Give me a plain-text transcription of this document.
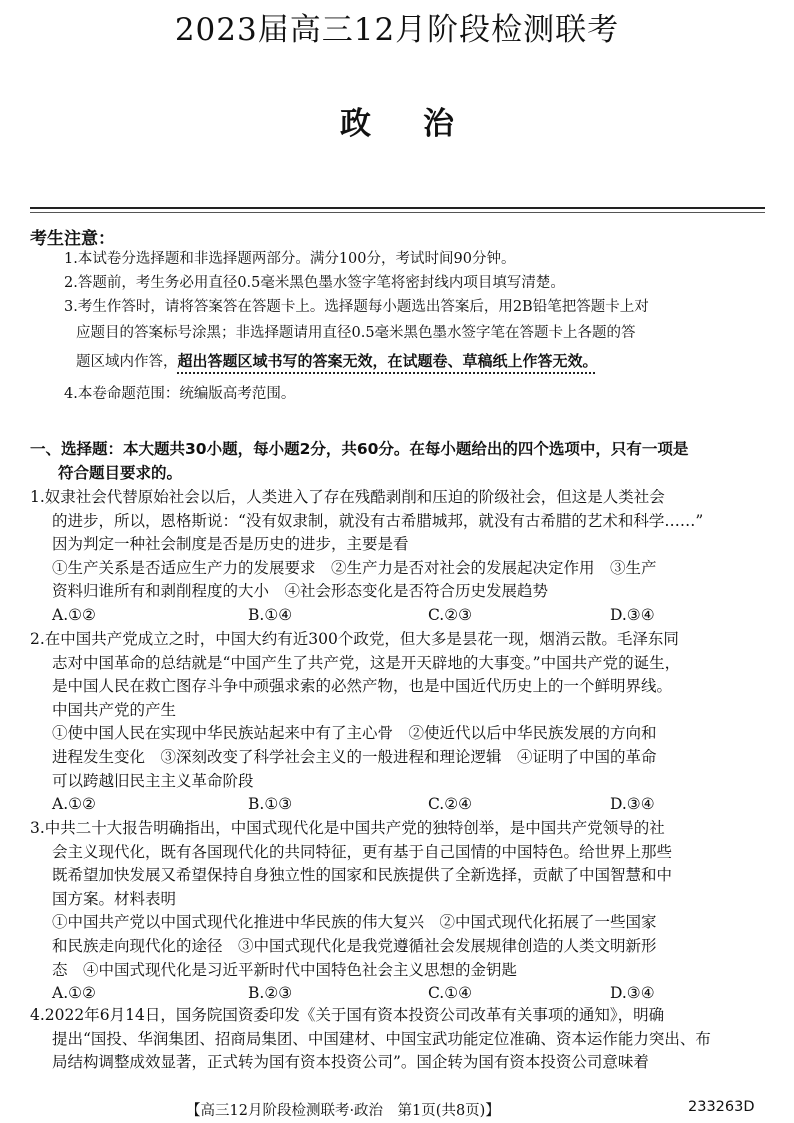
2023届高三12月阶段检测联考
政治
考生注意：
1.本试卷分选择题和非选择题两部分。满分100分，考试时间90分钟。
2.答题前，考生务必用直径0.5毫米黑色墨水签字笔将密封线内项目填写清楚。
3.考生作答时，请将答案答在答题卡上。选择题每小题选出答案后，用2B铅笔把答题卡上对
应题目的答案标号涂黑；非选择题请用直径0.5毫米黑色墨水签字笔在答题卡上各题的答
题区域内作答，超出答题区域书写的答案无效，在试题卷、草稿纸上作答无效。
4.本卷命题范围：统编版高考范围。
一、选择题：本大题共30小题，每小题2分，共60分。在每小题给出的四个选项中，只有一项是
符合题目要求的。
1.奴隶社会代替原始社会以后，人类进入了存在残酷剥削和压迫的阶级社会，但这是人类社会
的进步，所以，恩格斯说：“没有奴隶制，就没有古希腊城邦，就没有古希腊的艺术和科学……”
因为判定一种社会制度是否是历史的进步，主要是看
①生产关系是否适应生产力的发展要求　②生产力是否对社会的发展起决定作用　③生产
资料归谁所有和剥削程度的大小　④社会形态变化是否符合历史发展趋势
A.①②	B.①④	C.②③	D.③④
2.在中国共产党成立之时，中国大约有近300个政党，但大多是昙花一现，烟消云散。毛泽东同
志对中国革命的总结就是“中国产生了共产党，这是开天辟地的大事变。”中国共产党的诞生，
是中国人民在救亡图存斗争中顽强求索的必然产物，也是中国近代历史上的一个鲜明界线。
中国共产党的产生
①使中国人民在实现中华民族站起来中有了主心骨　②使近代以后中华民族发展的方向和
进程发生变化　③深刻改变了科学社会主义的一般进程和理论逻辑　④证明了中国的革命
可以跨越旧民主主义革命阶段
A.①②	B.①③	C.②④	D.③④
3.中共二十大报告明确指出，中国式现代化是中国共产党的独特创举，是中国共产党领导的社
会主义现代化，既有各国现代化的共同特征，更有基于自己国情的中国特色。给世界上那些
既希望加快发展又希望保持自身独立性的国家和民族提供了全新选择，贡献了中国智慧和中
国方案。材料表明
①中国共产党以中国式现代化推进中华民族的伟大复兴　②中国式现代化拓展了一些国家
和民族走向现代化的途径　③中国式现代化是我党遵循社会发展规律创造的人类文明新形
态　④中国式现代化是习近平新时代中国特色社会主义思想的金钥匙
A.①②	B.②③	C.①④	D.③④
4.2022年6月14日，国务院国资委印发《关于国有资本投资公司改革有关事项的通知》，明确
提出“国投、华润集团、招商局集团、中国建材、中国宝武功能定位准确、资本运作能力突出、布
局结构调整成效显著，正式转为国有资本投资公司”。国企转为国有资本投资公司意味着
【高三12月阶段检测联考·政治　第1页(共8页)】	233263D
